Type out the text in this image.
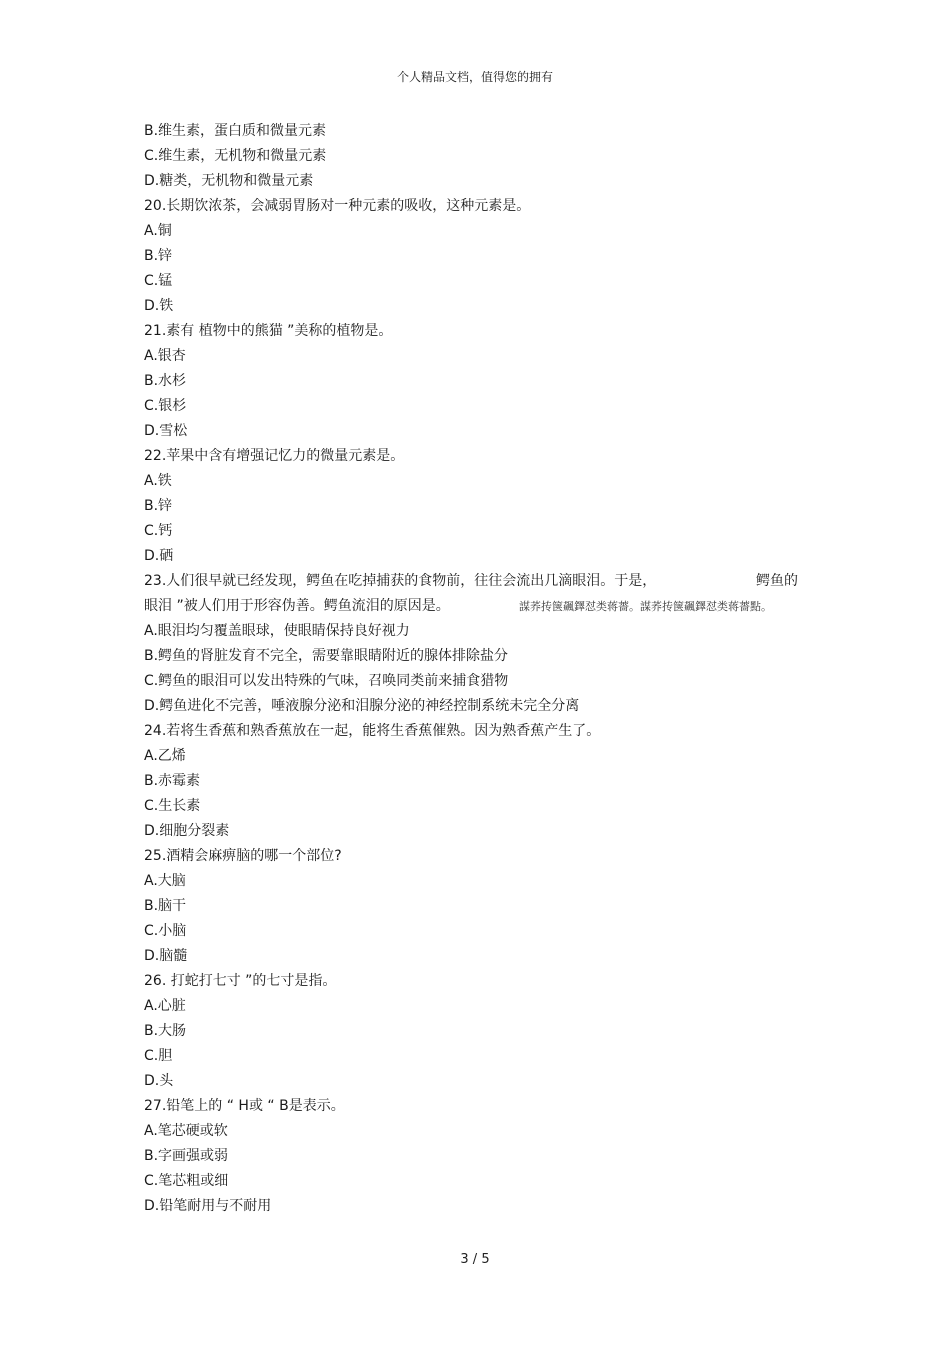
个人精品文档，值得您的拥有
B.维生素，蛋白质和微量元素
C.维生素，无机物和微量元素
D.糖类，无机物和微量元素
20.长期饮浓茶，会减弱胃肠对一种元素的吸收，这种元素是。
A.铜
B.锌
C.锰
D.铁
21.素有 植物中的熊猫 ”美称的植物是。
A.银杏
B.水杉
C.银杉
D.雪松
22.苹果中含有增强记忆力的微量元素是。
A.铁
B.锌
C.钙
D.硒
23.人们很早就已经发现，鳄鱼在吃掉捕获的食物前，往往会流出几滴眼泪。于是，	鳄鱼的
眼泪 ”被人们用于形容伪善。鳄鱼流泪的原因是。	謀荞抟箧飆鐸怼类蒋薔。謀荞抟箧飆鐸怼类蒋薔點。
A.眼泪均匀覆盖眼球，使眼睛保持良好视力
B.鳄鱼的肾脏发育不完全，需要靠眼睛附近的腺体排除盐分
C.鳄鱼的眼泪可以发出特殊的气味，召唤同类前来捕食猎物
D.鳄鱼进化不完善，唾液腺分泌和泪腺分泌的神经控制系统未完全分离
24.若将生香蕉和熟香蕉放在一起，能将生香蕉催熟。因为熟香蕉产生了。
A.乙烯
B.赤霉素
C.生长素
D.细胞分裂素
25.酒精会麻痹脑的哪一个部位?
A.大脑
B.脑干
C.小脑
D.脑髓
26. 打蛇打七寸 ”的七寸是指。
A.心脏
B.大肠
C.胆
D.头
27.铅笔上的 “ H或 “ B是表示。
A.笔芯硬或软
B.字画强或弱
C.笔芯粗或细
D.铅笔耐用与不耐用
3 / 5
